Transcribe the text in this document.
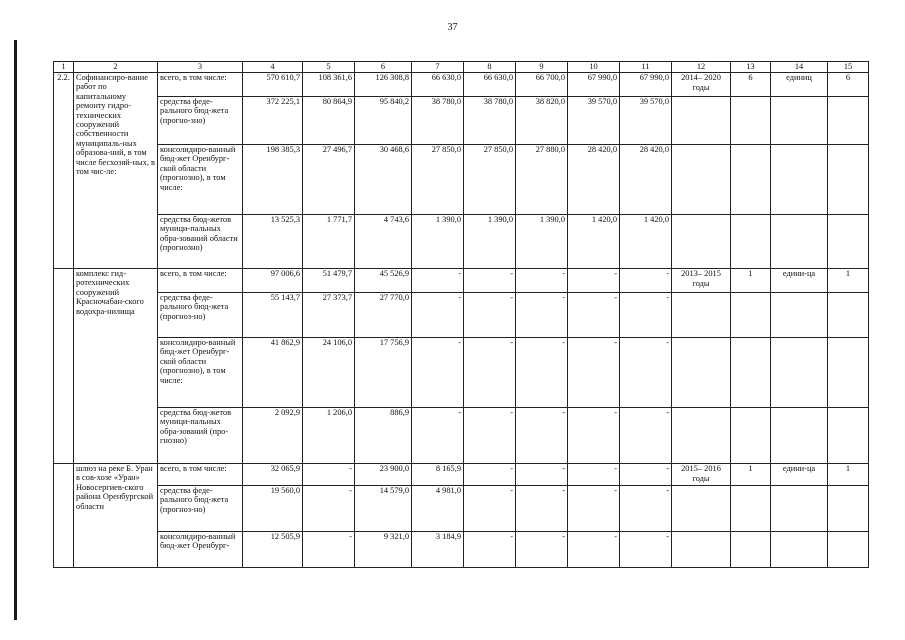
37
1	2	3	4	5	6	7	8	9	10	11	12	13	14	15
2.2.	Софинансиро-вание работ по капитальному ремонту гидро-технических сооружений собственности муниципаль-ных образова-ний, в том числе бесхозяй-ных, в том чис-ле:	всего, в том числе:	570 610,7	108 361,6	126 308,8	66 630,0	66 630,0	66 700,0	67 990,0	67 990,0	2014– 2020 годы	6	единиц	6
		средства феде-рального бюд-жета (прогно-зно)	372 225,1	80 864,9	95 840,2	38 780,0	38 780,0	38 820,0	39 570,0	39 570,0				
		консолидиро-ванный бюд-жет Оренбург-ской области (прогнозно), в том числе:	198 385,3	27 496,7	30 468,6	27 850,0	27 850,0	27 880,0	28 420,0	28 420,0				
		средства бюд-жетов муници-пальных обра-зований области (прогнозно)	13 525,3	1 771,7	4 743,6	1 390,0	1 390,0	1 390,0	1 420,0	1 420,0				
	комплекс гид-ротехнических сооружений Красночабан-ского водохра-нилища	всего, в том числе:	97 006,6	51 479,7	45 526,9	-	-	-	-	-	2013– 2015 годы	1	едини-ца	1
		средства феде-рального бюд-жета (прогноз-но)	55 143,7	27 373,7	27 770,0	-	-	-	-	-				
		консолидиро-ванный бюд-жет Оренбург-ской области (прогнозно), в том числе:	41 862,9	24 106,0	17 756,9	-	-	-	-	-				
		средства бюд-жетов муници-пальных обра-зований (про-гнозно)	2 092,9	1 206,0	886,9	-	-	-	-	-				
	шлюз на реке Б. Уран в сов-хозе «Уран» Новосергиев-ского района Оренбургской области	всего, в том числе:	32 065,9	-	23 900,0	8 165,9	-	-	-	-	2015– 2016 годы	1	едини-ца	1
		средства феде-рального бюд-жета (прогноз-но)	19 560,0	-	14 579,0	4 981,0	-	-	-	-				
		консолидиро-ванный бюд-жет Оренбург-	12 505,9	-	9 321,0	3 184,9	-	-	-	-				
